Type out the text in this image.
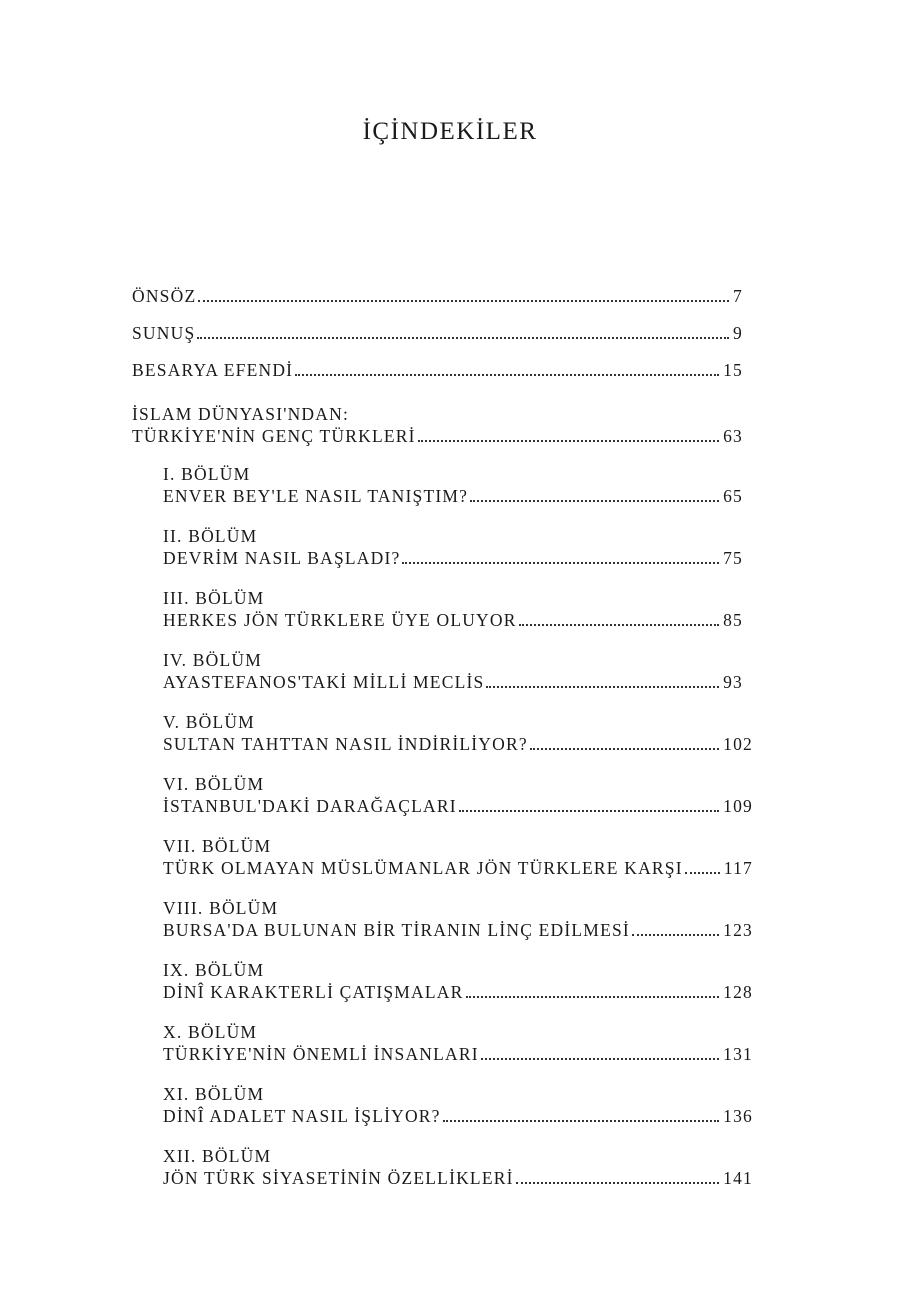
İÇİNDEKİLER
ÖNSÖZ	7
SUNUŞ	9
BESARYA EFENDİ	15
İSLAM DÜNYASI'NDAN:
TÜRKİYE'NİN GENÇ TÜRKLERİ	63
I. BÖLÜM
ENVER BEY'LE NASIL TANIŞTIM?	65
II. BÖLÜM
DEVRİM NASIL BAŞLADI?	75
III. BÖLÜM
HERKES JÖN TÜRKLERE ÜYE OLUYOR	85
IV. BÖLÜM
AYASTEFANOS'TAKİ MİLLİ MECLİS	93
V. BÖLÜM
SULTAN TAHTTAN NASIL İNDİRİLİYOR?	102
VI. BÖLÜM
İSTANBUL'DAKİ DARAĞAÇLARI	109
VII. BÖLÜM
TÜRK OLMAYAN MÜSLÜMANLAR JÖN TÜRKLERE KARŞI 117
VIII. BÖLÜM
BURSA'DA BULUNAN BİR TİRANIN LİNÇ EDİLMESİ	123
IX. BÖLÜM
DİNÎ KARAKTERLİ ÇATIŞMALAR	128
X. BÖLÜM
TÜRKİYE'NİN ÖNEMLİ İNSANLARI	131
XI. BÖLÜM
DİNÎ ADALET NASIL İŞLİYOR?	136
XII. BÖLÜM
JÖN TÜRK SİYASETİNİN ÖZELLİKLERİ	141
